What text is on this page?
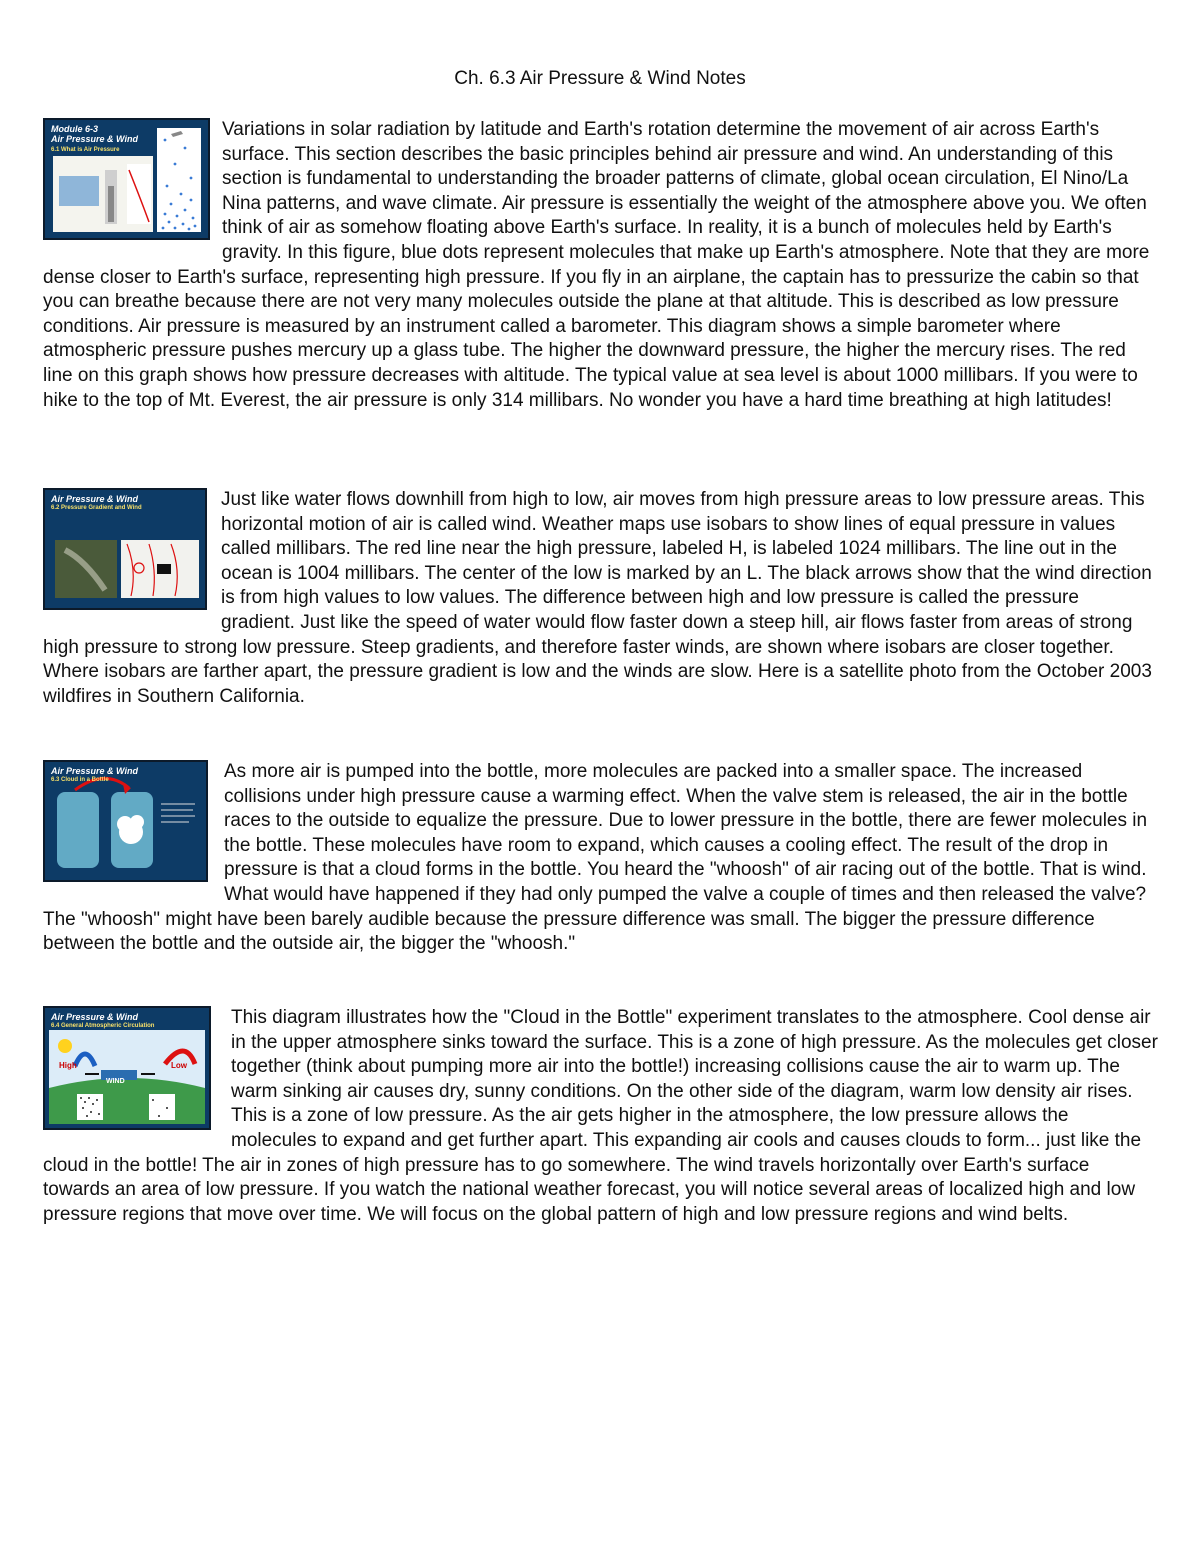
Ch. 6.3 Air Pressure & Wind Notes
Module 6-3
Air Pressure & Wind
6.1 What is Air Pressure

Variations in solar radiation by latitude and Earth's rotation determine the movement of air across Earth's surface. This section describes the basic principles behind air pressure and wind. An understanding of this section is fundamental to understanding the broader patterns of climate, global ocean circulation, El Nino/La Nina patterns, and wave climate. Air pressure is essentially the weight of the atmosphere above you. We often think of air as somehow floating above Earth's surface. In reality, it is a bunch of molecules held by Earth's gravity. In this figure, blue dots represent molecules that make up Earth's atmosphere. Note that they are more dense closer to Earth's surface, representing high pressure. If you fly in an airplane, the captain has to pressurize the cabin so that you can breathe because there are not very many molecules outside the plane at that altitude. This is described as low pressure conditions. Air pressure is measured by an instrument called a barometer. This diagram shows a simple barometer where atmospheric pressure pushes mercury up a glass tube. The higher the downward pressure, the higher the mercury rises. The red line on this graph shows how pressure decreases with altitude. The typical value at sea level is about 1000 millibars. If you were to hike to the top of Mt. Everest, the air pressure is only 314 millibars. No wonder you have a hard time breathing at high latitudes!

Air Pressure & Wind
6.2 Pressure Gradient and Wind	Just like water flows downhill from high to low, air moves from high pressure areas to low pressure areas. This horizontal motion of air is called wind. Weather maps use isobars to show lines of equal pressure in values called millibars. The red line near the high pressure, labeled H, is labeled 1024 millibars. The line out in the ocean is 1004 millibars. The center of the low is marked by an L. The black arrows show that the wind direction is from high values to low values. The difference between high and low pressure is called the pressure gradient. Just like the speed of water would flow faster down a steep hill, air flows faster from areas of strong high pressure to strong low pressure. Steep gradients, and therefore faster winds, are shown where isobars are closer together. Where isobars are farther apart, the pressure gradient is low and the winds are slow. Here is a satellite photo from the October 2003 wildfires in Southern California.

Air Pressure & Wind
6.3 Cloud in a Bottle	As more air is pumped into the bottle, more molecules are packed into a smaller space. The increased collisions under high pressure cause a warming effect. When the valve stem is released, the air in the bottle races to the outside to equalize the pressure. Due to lower pressure in the bottle, there are fewer molecules in the bottle. These molecules have room to expand, which causes a cooling effect. The result of the drop in pressure is that a cloud forms in the bottle. You heard the "whoosh" of air racing out of the bottle. That is wind. What would have happened if they had only pumped the valve a couple of times and then released the valve? The "whoosh" might have been barely audible because the pressure difference was small. The bigger the pressure difference between the bottle and the outside air, the bigger the "whoosh."

Air Pressure & Wind
6.4 General Atmospheric Circulation
High	Low
WIND

This diagram illustrates how the "Cloud in the Bottle" experiment translates to the atmosphere. Cool dense air in the upper atmosphere sinks toward the surface. This is a zone of high pressure. As the molecules get closer together (think about pumping more air into the bottle!) increasing collisions cause the air to warm up. The warm sinking air causes dry, sunny conditions. On the other side of the diagram, warm low density air rises. This is a zone of low pressure. As the air gets higher in the atmosphere, the low pressure allows the molecules to expand and get further apart. This expanding air cools and causes clouds to form... just like the cloud in the bottle! The air in zones of high pressure has to go somewhere. The wind travels horizontally over Earth's surface towards an area of low pressure. If you watch the national weather forecast, you will notice several areas of localized high and low pressure regions that move over time. We will focus on the global pattern of high and low pressure regions and wind belts.
